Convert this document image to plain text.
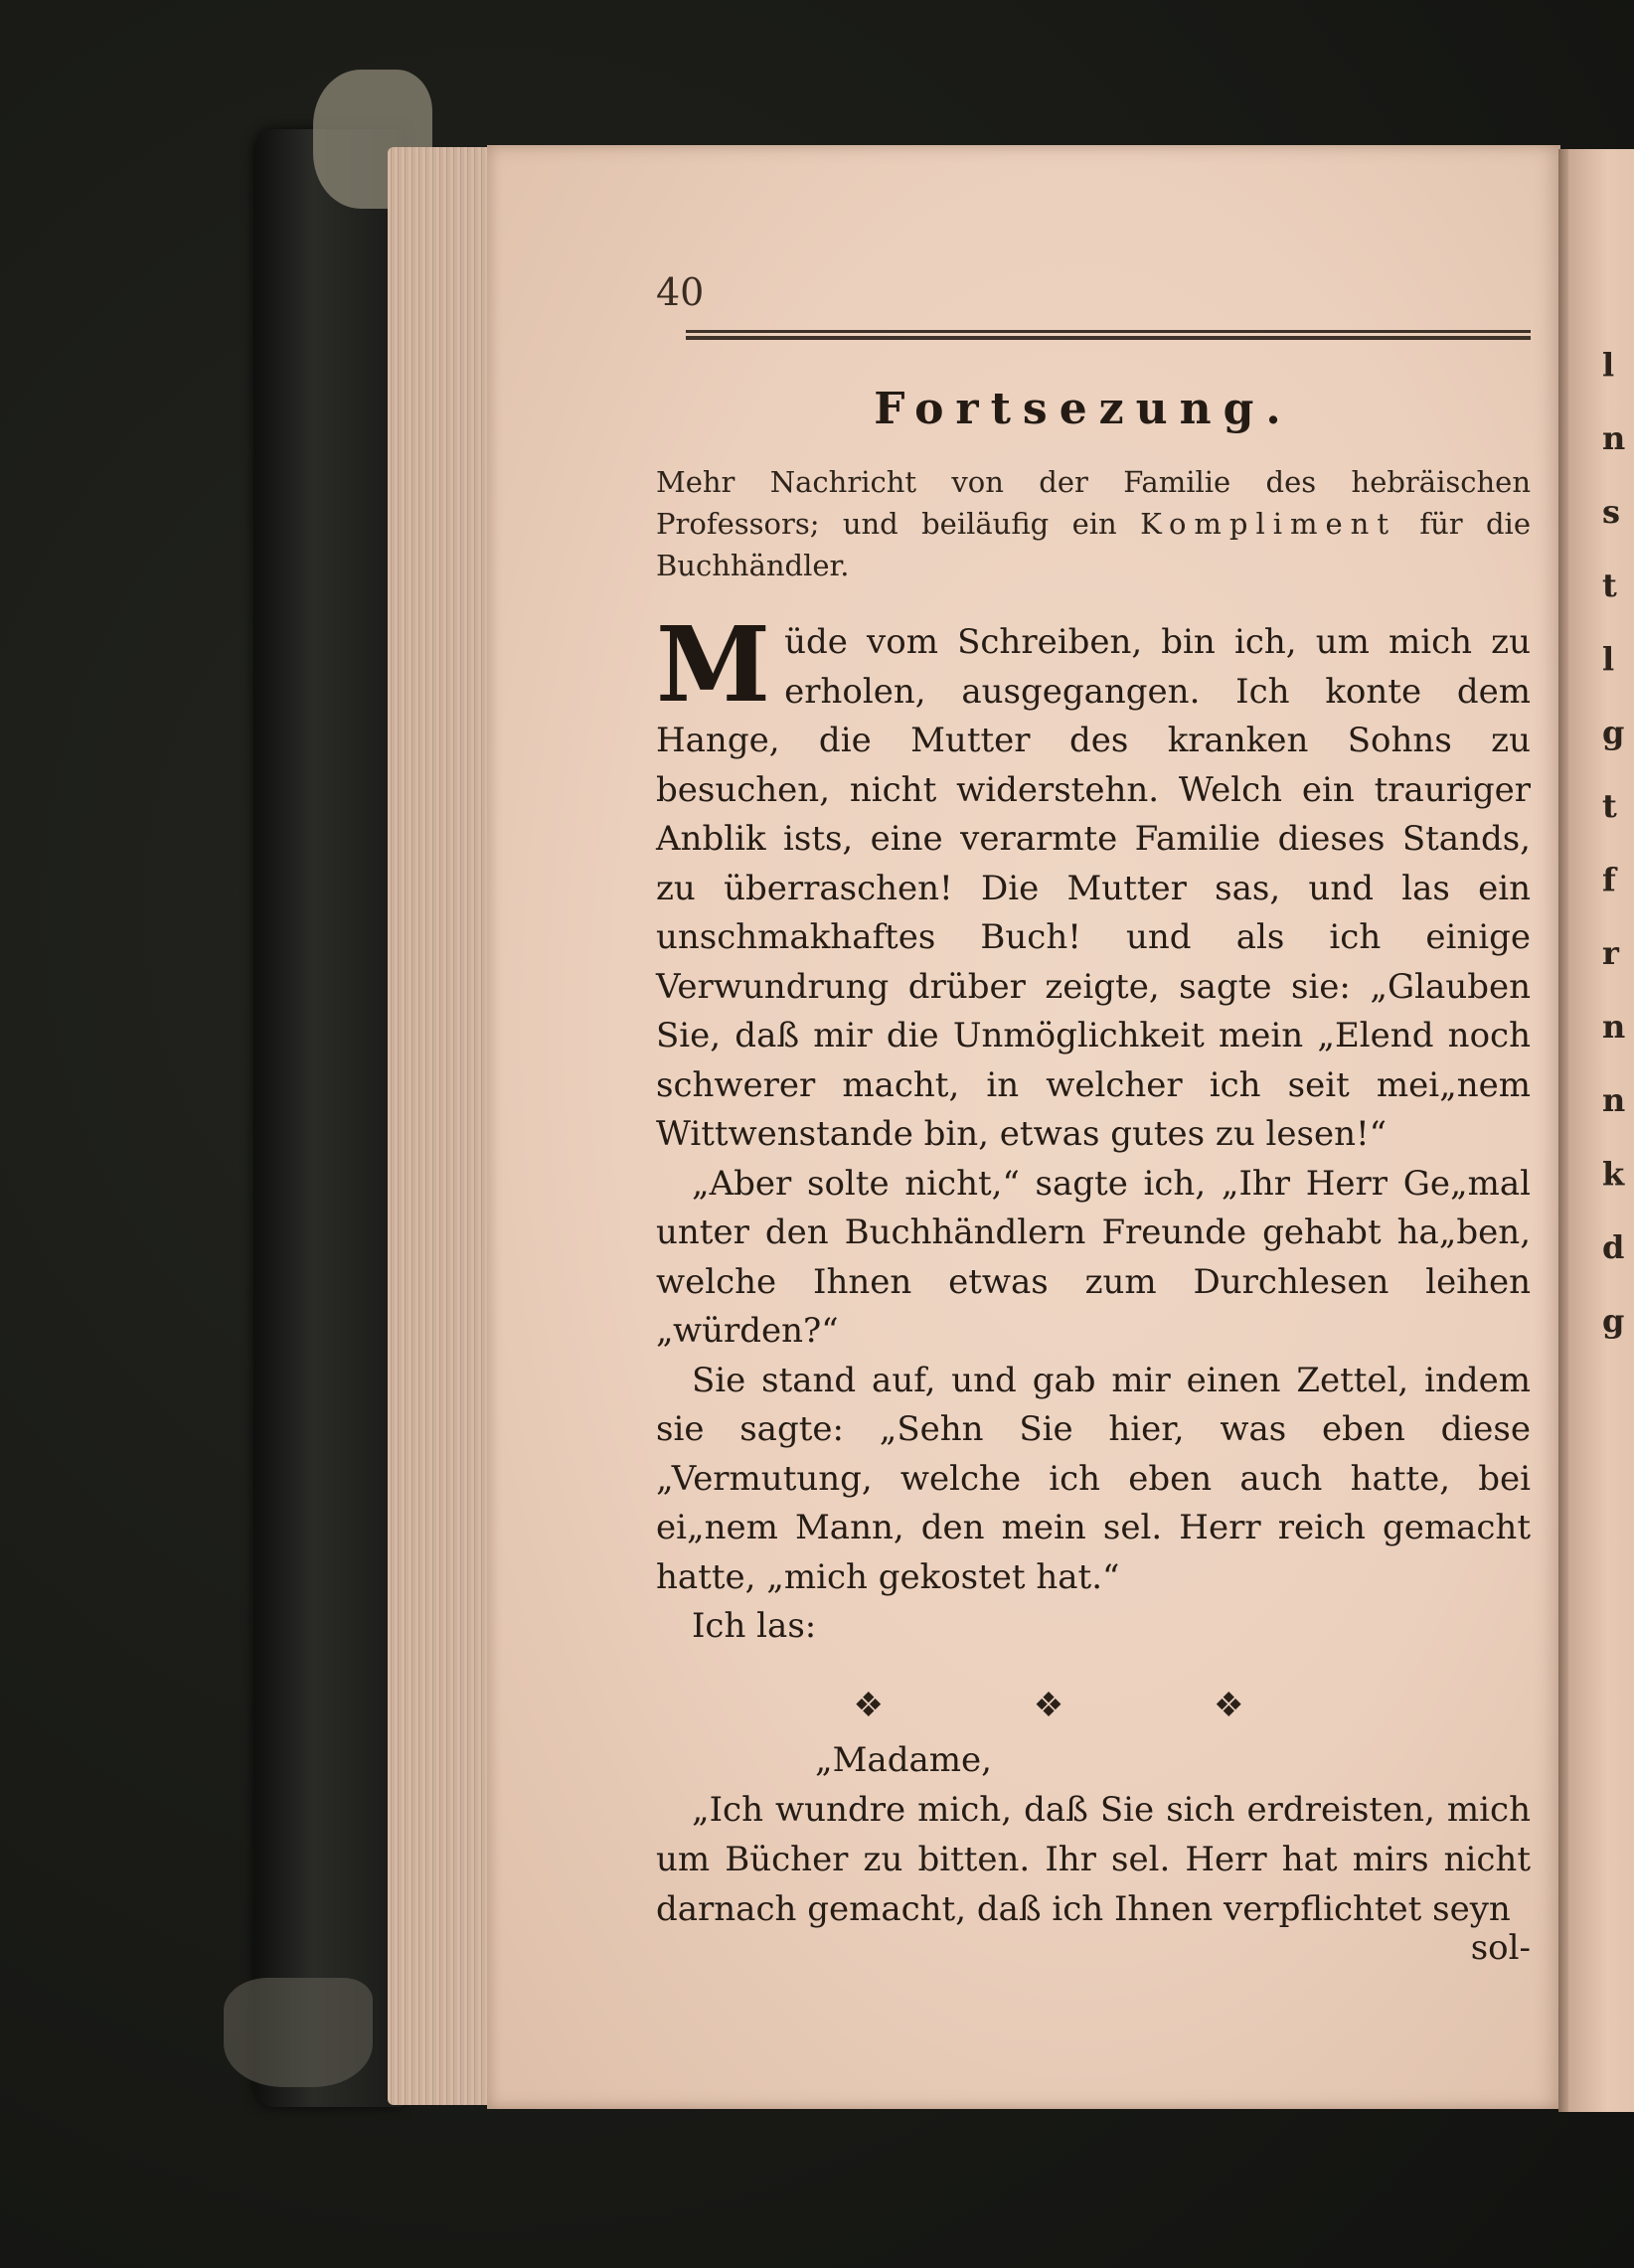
l
n
s
t
l
g
t
f
r
n
n
k
d
g
40
Fortsezung.
Mehr Nachricht von der Familie des hebräischen Professors; und beiläufig ein Kompliment für die Buchhändler.

Müde vom Schreiben, bin ich, um mich zu erholen, ausgegangen. Ich konte dem Hange, die Mutter des kranken Sohns zu besuchen, nicht widerstehn. Welch ein trauriger Anblik ists, eine verarmte Familie dieses Stands, zu überraschen! Die Mutter sas, und las ein unschmakhaftes Buch! und als ich einige Verwundrung drüber zeigte, sagte sie: „Glauben Sie, daß mir die Unmöglichkeit mein „Elend noch schwerer macht, in welcher ich seit mei„nem Wittwenstande bin, etwas gutes zu lesen!“

„Aber solte nicht,“ sagte ich, „Ihr Herr Ge„mal unter den Buchhändlern Freunde gehabt ha„ben, welche Ihnen etwas zum Durchlesen leihen „würden?“

Sie stand auf, und gab mir einen Zettel, indem sie sagte: „Sehn Sie hier, was eben diese „Vermutung, welche ich eben auch hatte, bei ei„nem Mann, den mein sel. Herr reich gemacht hatte, „mich gekostet hat.“

Ich las:

❖ ❖ ❖

„Madame,

„Ich wundre mich, daß Sie sich erdreisten, mich um Bücher zu bitten. Ihr sel. Herr hat mirs nicht darnach gemacht, daß ich Ihnen verpflichtet seyn

sol-
